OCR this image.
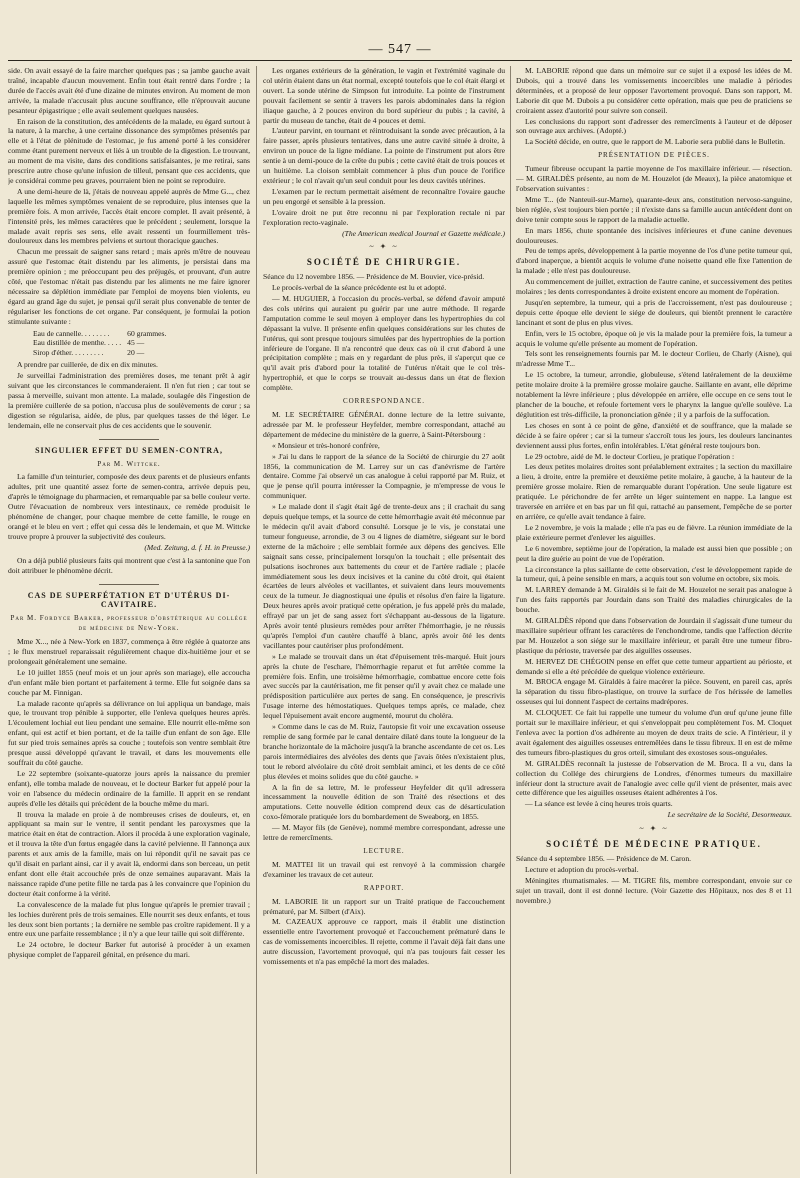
— 547 —

side. On avait essayé de la faire marcher quelques pas ; sa jambe gauche avait traîné, incapable d'aucun mouvement. Enfin tout était rentré dans l'ordre ; la durée de l'accès avait été d'une dizaine de minutes environ. Au moment de mon arrivée, la malade n'accusait plus aucune souffrance, elle n'éprouvait aucune pesanteur épigastrique ; elle avait seulement quelques nausées.

En raison de la constitution, des antécédents de la malade, eu égard surtout à la nature, à la marche, à une certaine dissonance des symptômes présentés par elle et à l'état de plénitude de l'estomac, je fus amené porté à les considérer comme étant purement nerveux et liés à un trouble de la digestion. Le trouvant, au moment de ma visite, dans des conditions satisfaisantes, je me retirai, sans prescrire autre chose qu'une infusion de tilleul, pensant que ces accidents, que je considérai comme peu graves, pourraient bien ne point se reproduire.

A une demi-heure de là, j'étais de nouveau appelé auprès de Mme G..., chez laquelle les mêmes symptômes venaient de se reproduire, plus intenses que la première fois. A mon arrivée, l'accès était encore complet. Il avait présenté, à l'intensité près, les mêmes caractères que le précédent ; seulement, lorsque la malade avait repris ses sens, elle avait ressenti un fourmillement très-douloureux dans les membres pelviens et surtout thoracique gauches.

Chacun me pressait de saigner sans retard ; mais après m'être de nouveau assuré que l'estomac était distendu par les aliments, je persistai dans ma première opinion ; me préoccupant peu des préjugés, et prouvant, d'un autre côté, que l'estomac n'était pas distendu par les aliments ne me faire ignorer nécessaire sa déplétion immédiate par l'emploi de moyens bien violents, eu égard au grand âge du sujet, je pensai qu'il serait plus convenable de tenter de régulariser les fonctions de cet organe. Par conséquent, je formulai la potion stimulante suivante :

Eau de cannelle. . . . . . . .	60 grammes.
Eau distillée de menthe. . . . .	45 —
Sirop d'éther. . . . . . . . .	20 —

A prendre par cuillerée, de dix en dix minutes.

Je surveillai l'administration des premières doses, me tenant prêt à agir suivant que les circonstances le commanderaient. Il n'en fut rien ; car tout se passa à merveille, suivant mon attente. La malade, soulagée dès l'ingestion de la première cuillerée de sa potion, n'accusa plus de soulèvements de cœur ; sa digestion se régularisa, aidée, de plus, par quelques tasses de thé léger. Le lendemain, elle ne conservait plus de ces accidents que le souvenir.

SINGULIER EFFET DU SEMEN-CONTRA,

Par M. Wittcke.

La famille d'un teinturier, composée des deux parents et de plusieurs enfants adultes, prit une quantité assez forte de semen-contra, arrivée depuis peu, d'après le témoignage du pharmacien, et remarquable par sa belle couleur verte. Outre l'évacuation de nombreux vers intestinaux, ce remède produisit le phénomène de changer, pour chaque membre de cette famille, le rouge en orangé et le bleu en vert ; effet qui cessa dès le lendemain, et que M. Wittcke trouve propre à prouver la subjectivité des couleurs.

(Med. Zeitung, d. f. H. in Preusse.)

On a déjà publié plusieurs faits qui montrent que c'est à la santonine que l'on doit attribuer le phénomène décrit.

CAS DE SUPERFÉTATION ET D'UTÉRUS DI-CAVITAIRE.

Par M. Fordyce Barker, professeur d'obstétrique au collége de médecine de New-York.

Mme X..., née à New-York en 1837, commença à être réglée à quatorze ans ; le flux menstruel reparaissait régulièrement chaque dix-huitième jour et se prolongeait généralement une semaine.

Le 10 juillet 1855 (neuf mois et un jour après son mariage), elle accoucha d'un enfant mâle bien portant et parfaitement à terme. Elle fut soignée dans sa couche par M. Finnigan.

La malade raconte qu'après sa délivrance on lui appliqua un bandage, mais que, le trouvant trop pénible à supporter, elle l'enleva quelques heures après. L'écoulement lochial eut lieu pendant une semaine. Elle nourrit elle-même son enfant, qui est actif et bien portant, et de la taille d'un enfant de son âge. Elle fut sur pied trois semaines après sa couche ; toutefois son ventre semblait être presque aussi développé qu'avant le travail, et dans les mouvements elle souffrait du côté gauche.

Le 22 septembre (soixante-quatorze jours après la naissance du premier enfant), elle tomba malade de nouveau, et le docteur Barker fut appelé pour la voir en l'absence du médecin ordinaire de la famille. Il apprit en se rendant auprès d'elle les détails qui précèdent de la bouche même du mari.

Il trouva la malade en proie à de nombreuses crises de douleurs, et, en appliquant sa main sur le ventre, il sentit pendant les paroxysmes que la matrice était en état de contraction. Alors il procéda à une exploration vaginale, et il trouva la tête d'un fœtus engagée dans la cavité pelvienne. Il l'annonça aux parents et aux amis de la famille, mais on lui répondit qu'il ne savait pas ce qu'il disait en parlant ainsi, car il y avait là, endormi dans son berceau, un petit enfant dont elle était accouchée près de onze semaines auparavant. Mais la naissance rapide d'une petite fille ne tarda pas à les convaincre que l'opinion du docteur était conforme à la vérité.

La convalescence de la malade fut plus longue qu'après le premier travail ; les lochies durèrent près de trois semaines. Elle nourrit ses deux enfants, et tous les deux sont bien portants ; la dernière ne semble pas croître rapidement. Il y a entre eux une parfaite ressemblance ; il n'y a que leur taille qui soit différente.

Le 24 octobre, le docteur Barker fut autorisé à procéder à un examen physique complet de l'appareil génital, en présence du mari.

Les organes extérieurs de la génération, le vagin et l'extrémité vaginale du col utérin étaient dans un état normal, excepté toutefois que le col était élargi et ouvert. La sonde utérine de Simpson fut introduite. La pointe de l'instrument pouvait facilement se sentir à travers les parois abdominales dans la région iliaque gauche, à 2 pouces environ du bord supérieur du pubis ; la cavité, à partir du museau de tanche, était de 4 pouces et demi.

L'auteur parvint, en tournant et réintroduisant la sonde avec précaution, à la faire passer, après plusieurs tentatives, dans une autre cavité située à droite, à environ un pouce de la ligne médiane. La pointe de l'instrument put alors être sentie à un demi-pouce de la crête du pubis ; cette cavité était de trois pouces et un huitième. La cloison semblait commencer à plus d'un pouce de l'orifice extérieur ; le col n'avait qu'un seul conduit pour les deux cavités utérines.

L'examen par le rectum permettait aisément de reconnaître l'ovaire gauche un peu engorgé et sensible à la pression.

L'ovaire droit ne put être reconnu ni par l'exploration rectale ni par l'exploration recto-vaginale.

(The American medical Journal et Gazette médicale.)

~ ✦ ~

SOCIÉTÉ DE CHIRURGIE.

Séance du 12 novembre 1856. — Présidence de M. Bouvier, vice-présid.

Le procès-verbal de la séance précédente est lu et adopté.

— M. HUGUIER, à l'occasion du procès-verbal, se défend d'avoir amputé des cols utérins qui auraient pu guérir par une autre méthode. Il regarde l'amputation comme le seul moyen à employer dans les hypertrophies du col dépassant la vulve. Il présente enfin quelques considérations sur les chutes de l'utérus, qui sont presque toujours simulées par des hypertrophies de la portion inférieure de l'organe. Il n'a rencontré que deux cas où il crut d'abord à une précipitation complète ; mais en y regardant de plus près, il s'aperçut que ce qu'il avait pris d'abord pour la totalité de l'utérus n'était que le col très-hypertrophié, et que le corps se trouvait au-dessus dans un état de flexion complète.

CORRESPONDANCE.

M. LE SECRÉTAIRE GÉNÉRAL donne lecture de la lettre suivante, adressée par M. le professeur Heyfelder, membre correspondant, attaché au département de médecine du ministère de la guerre, à Saint-Pétersbourg :

« Monsieur et très-honoré confrère,

» J'ai lu dans le rapport de la séance de la Société de chirurgie du 27 août 1856, la communication de M. Larrey sur un cas d'anévrisme de l'artère dentaire. Comme j'ai observé un cas analogue à celui rapporté par M. Ruiz, et que je pense qu'il pourra intéresser la Compagnie, je m'empresse de vous le communiquer.

» Le malade dont il s'agit était âgé de trente-deux ans ; il crachait du sang depuis quelque temps, et la source de cette hémorrhagie avait été méconnue par le médecin qu'il avait d'abord consulté. Lorsque je le vis, je constatai une tumeur fongueuse, arrondie, de 3 ou 4 lignes de diamètre, siégeant sur le bord externe de la mâchoire ; elle semblait formée aux dépens des gencives. Elle saignait sans cesse, principalement lorsqu'on la touchait ; elle présentait des pulsations isochrones aux battements du cœur et de l'artère radiale ; placée immédiatement sous les deux incisives et la canine du côté droit, qui étaient écartées de leurs alvéoles et vacillantes, et suivaient dans leurs mouvements ceux de la tumeur. Je diagnostiquai une épulis et résolus d'en faire la ligature. Deux heures après avoir pratiqué cette opération, je fus appelé près du malade, effrayé par un jet de sang assez fort s'échappant au-dessous de la ligature. Après avoir tenté plusieurs remèdes pour arrêter l'hémorrhagie, je ne réussis qu'après l'emploi d'un cautère chauffé à blanc, après avoir ôté les dents vacillantes pour cautériser plus profondément.

» Le malade se trouvait dans un état d'épuisement très-marqué. Huit jours après la chute de l'eschare, l'hémorrhagie reparut et fut arrêtée comme la première fois. Enfin, une troisième hémorrhagie, combattue encore cette fois avec succès par la cautérisation, me fit penser qu'il y avait chez ce malade une prédisposition particulière aux pertes de sang. En conséquence, je prescrivis l'usage interne des hémostatiques. Quelques temps après, ce malade, chez lequel l'épuisement avait encore augmenté, mourut du choléra.

» Comme dans le cas de M. Ruiz, l'autopsie fit voir une excavation osseuse remplie de sang formée par le canal dentaire dilaté dans toute la longueur de la branche horizontale de la mâchoire jusqu'à la branche ascendante de cet os. Les parois intermédiaires des alvéoles des dents que j'avais ôtées n'existaient plus, tout le rebord alvéolaire du côté droit semblait aminci, et les dents de ce côté plus élevées et moins solides que du côté gauche. »

A la fin de sa lettre, M. le professeur Heyfelder dit qu'il adressera incessamment la nouvelle édition de son Traité des résections et des amputations. Cette nouvelle édition comprend deux cas de désarticulation coxo-fémorale pratiquée lors du bombardement de Sweaborg, en 1855.

— M. Mayor fils (de Genève), nommé membre correspondant, adresse une lettre de remercîments.

LECTURE.

M. MATTEI lit un travail qui est renvoyé à la commission chargée d'examiner les travaux de cet auteur.

RAPPORT.

M. LABORIE lit un rapport sur un Traité pratique de l'accouchement prématuré, par M. Silbert (d'Aix).

M. CAZEAUX approuve ce rapport, mais il établit une distinction essentielle entre l'avortement provoqué et l'accouchement prématuré dans le cas de vomissements incoercibles. Il rejette, comme il l'avait déjà fait dans une autre discussion, l'avortement provoqué, qui n'a pas toujours fait cesser les vomissements et n'a pas empêché la mort des malades.

M. LABORIE répond que dans un mémoire sur ce sujet il a exposé les idées de M. Dubois, qui a trouvé dans les vomissements incoercibles une maladie à périodes déterminées, et a proposé de leur opposer l'avortement provoqué. Dans son rapport, M. Laborie dit que M. Dubois a pu considérer cette opération, mais que peu de praticiens se croiraient assez d'autorité pour suivre son conseil.

Les conclusions du rapport sont d'adresser des remercîments à l'auteur et de déposer son ouvrage aux archives. (Adopté.)

La Société décide, en outre, que le rapport de M. Laborie sera publié dans le Bulletin.

PRÉSENTATION DE PIÈCES.

Tumeur fibreuse occupant la partie moyenne de l'os maxillaire inférieur. — résection. — M. GIRALDÈS présente, au nom de M. Houzelot (de Meaux), la pièce anatomique et l'observation suivantes :

Mme T... (de Nanteuil-sur-Marne), quarante-deux ans, constitution nervoso-sanguine, bien réglée, s'est toujours bien portée ; il n'existe dans sa famille aucun antécédent dont on doive tenir compte sous le rapport de la maladie actuelle.

En mars 1856, chute spontanée des incisives inférieures et d'une canine devenues douloureuses.

Peu de temps après, développement à la partie moyenne de l'os d'une petite tumeur qui, d'abord inaperçue, a bientôt acquis le volume d'une noisette quand elle fixe l'attention de la malade ; elle n'est pas douloureuse.

Au commencement de juillet, extraction de l'autre canine, et successivement des petites molaires ; les dents correspondantes à droite existent encore au moment de l'opération.

Jusqu'en septembre, la tumeur, qui a pris de l'accroissement, n'est pas douloureuse ; depuis cette époque elle devient le siége de douleurs, qui bientôt prennent le caractère lancinant et sont de plus en plus vives.

Enfin, vers le 15 octobre, époque où je vis la malade pour la première fois, la tumeur a acquis le volume qu'elle présente au moment de l'opération.

Tels sont les renseignements fournis par M. le docteur Corlieu, de Charly (Aisne), qui m'adresse Mme T...

Le 15 octobre, la tumeur, arrondie, globuleuse, s'étend latéralement de la deuxième petite molaire droite à la première grosse molaire gauche. Saillante en avant, elle déprime notablement la lèvre inférieure ; plus développée en arrière, elle occupe en ce sens tout le plancher de la bouche, et refoule fortement vers le pharynx la langue qu'elle soulève. La déglutition est très-difficile, la prononciation gênée ; il y a parfois de la suffocation.

Les choses en sont à ce point de gêne, d'anxiété et de souffrance, que la malade se décide à se faire opérer ; car si la tumeur s'accroît tous les jours, les douleurs lancinantes deviennent aussi plus fortes, enfin intolérables. L'état général reste toujours bon.

Le 29 octobre, aidé de M. le docteur Corlieu, je pratique l'opération :

Les deux petites molaires droites sont préalablement extraites ; la section du maxillaire a lieu, à droite, entre la première et deuxième petite molaire, à gauche, à la hauteur de la première grosse molaire. Rien de remarquable durant l'opération. Une seule ligature est pratiquée. Le périchondre de fer arrête un léger suintement en nappe. La langue est traversée en arrière et en bas par un fil qui, rattaché au pansement, l'empêche de se porter en arrière, ce qu'elle avait tendance à faire.

Le 2 novembre, je vois la malade ; elle n'a pas eu de fièvre. La réunion immédiate de la plaie extérieure permet d'enlever les aiguilles.

Le 6 novembre, septième jour de l'opération, la malade est aussi bien que possible ; on peut la dire guérie au point de vue de l'opération.

La circonstance la plus saillante de cette observation, c'est le développement rapide de la tumeur, qui, à peine sensible en mars, a acquis tout son volume en octobre, six mois.

M. LARREY demande à M. Giraldès si le fait de M. Houzelot ne serait pas analogue à l'un des faits rapportés par Jourdain dans son Traité des maladies chirurgicales de la bouche.

M. GIRALDÈS répond que dans l'observation de Jourdain il s'agissait d'une tumeur du maxillaire supérieur offrant les caractères de l'enchondrome, tandis que l'affection décrite par M. Houzelot a son siége sur le maxillaire inférieur, et paraît être une tumeur fibro-plastique du périoste, traversée par des aiguilles osseuses.

M. HERVEZ DE CHÉGOIN pense en effet que cette tumeur appartient au périoste, et demande si elle a été précédée de quelque violence extérieure.

M. BROCA engage M. Giraldès à faire macérer la pièce. Souvent, en pareil cas, après la séparation du tissu fibro-plastique, on trouve la surface de l'os hérissée de lamelles osseuses qui lui donnent l'aspect de certains madrépores.

M. CLOQUET. Ce fait lui rappelle une tumeur du volume d'un œuf qu'une jeune fille portait sur le maxillaire inférieur, et qui s'enveloppait peu complètement l'os. M. Cloquet l'enleva avec la portion d'os adhérente au moyen de deux traits de scie. A l'intérieur, il y avait également des aiguilles osseuses entremêlées dans le tissu fibreux. Il en est de même des tumeurs fibro-plastiques du gros orteil, simulant des exostoses sous-onguéales.

M. GIRALDÈS reconnaît la justesse de l'observation de M. Broca. Il a vu, dans la collection du Collége des chirurgiens de Londres, d'énormes tumeurs du maxillaire inférieur dont la structure avait de l'analogie avec celle qu'il vient de présenter, mais avec cette différence que les aiguilles osseuses étaient adhérentes à l'os.

— La séance est levée à cinq heures trois quarts.

Le secrétaire de la Société, Desormeaux.

~ ✦ ~

SOCIÉTÉ DE MÉDECINE PRATIQUE.

Séance du 4 septembre 1856. — Présidence de M. Caron.

Lecture et adoption du procès-verbal.

Méningites rhumatismales. — M. TIGRE fils, membre correspondant, envoie sur ce sujet un travail, dont il est donné lecture. (Voir Gazette des Hôpitaux, nos des 8 et 11 novembre.)
